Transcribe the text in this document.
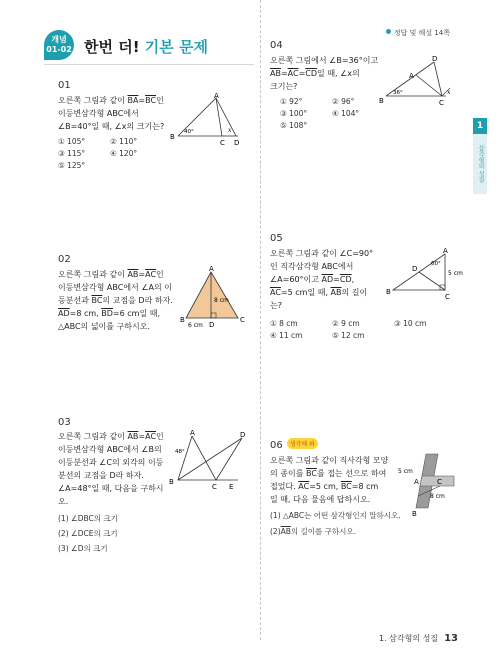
개념
01-02 한번 더! 기본 문제
정답 및 해설 14쪽
1
삼각형의 성질
01
오른쪽 그림과 같이 $\overline{BA}=\overline{BC}$인
이등변삼각형 ABC에서
∠B=40°일 때, ∠x의 크기는?
① 105°	② 110°
③ 115°	④ 120°
⑤ 125°
A
B
C D
40°	x
02
오른쪽 그림과 같이 $\overline{AB}=\overline{AC}$인
이등변삼각형 ABC에서 ∠A의 이
등분선과 $\overline{BC}$의 교점을 D라 하자.
$\overline{AD}=8$ cm, $\overline{BD}=6$ cm일 때,
△ABC의 넓이를 구하시오.
A
B	C
D
8 cm
6 cm
03
오른쪽 그림과 같이 $\overline{AB}=\overline{AC}$인
이등변삼각형 ABC에서 ∠B의
이등분선과 ∠C의 외각의 이등
분선의 교점을 D라 하자.
∠A=48°일 때, 다음을 구하시
오.
(1) ∠DBC의 크기
(2) ∠DCE의 크기
(3) ∠D의 크기
A
B
C
D
E
48°
04
오른쪽 그림에서 ∠B=36°이고
$\overline{AB}=\overline{AC}=\overline{CD}$일 때, ∠x의
크기는?
① 92°	② 96°
③ 100°	④ 104°
⑤ 108°
A
B	C
D
36°	x
05
오른쪽 그림과 같이 ∠C=90°
인 직각삼각형 ABC에서
∠A=60°이고 $\overline{AD}=\overline{CD}$,
$\overline{AC}=5$ cm일 때, $\overline{AB}$의 길이
는?
① 8 cm	② 9 cm	③ 10 cm
④ 11 cm	⑤ 12 cm
A
B
C
D
60°
5 cm
06 생각해 봐
오른쪽 그림과 같이 직사각형 모양
의 종이를 $\overline{BC}$를 접는 선으로 하여
접었다. $\overline{AC}=5$ cm, $\overline{BC}=8$ cm
일 때, 다음 물음에 답하시오.
(1) △ABC는 어떤 삼각형인지 말하시오.
$(2)\overline{AB}$의 길이를 구하시오.
A
B
C
5 cm
8 cm
1. 삼각형의 성질 13
